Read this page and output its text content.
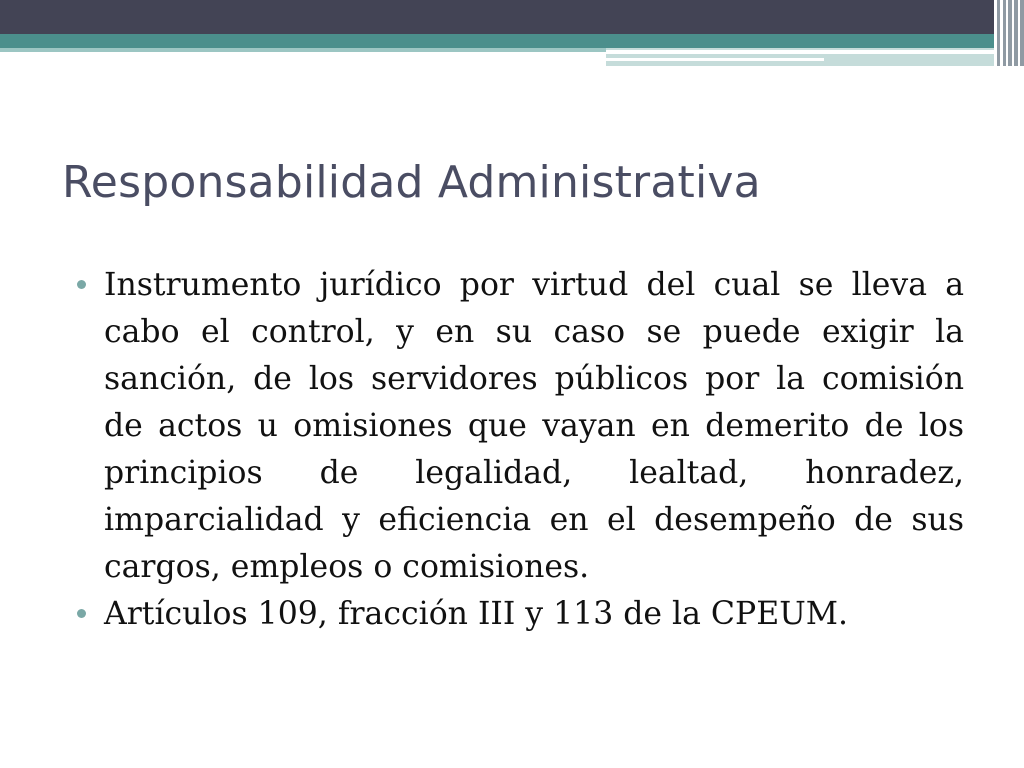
Responsabilidad Administrativa
Instrumento jurídico por virtud del cual se lleva a cabo el control, y en su caso se puede exigir la sanción, de los servidores públicos por la comisión de actos u omisiones que vayan en demerito de los principios de legalidad, lealtad, honradez, imparcialidad y eficiencia en el desempeño de sus cargos, empleos o comisiones.
Artículos 109, fracción III y 113 de la CPEUM.
